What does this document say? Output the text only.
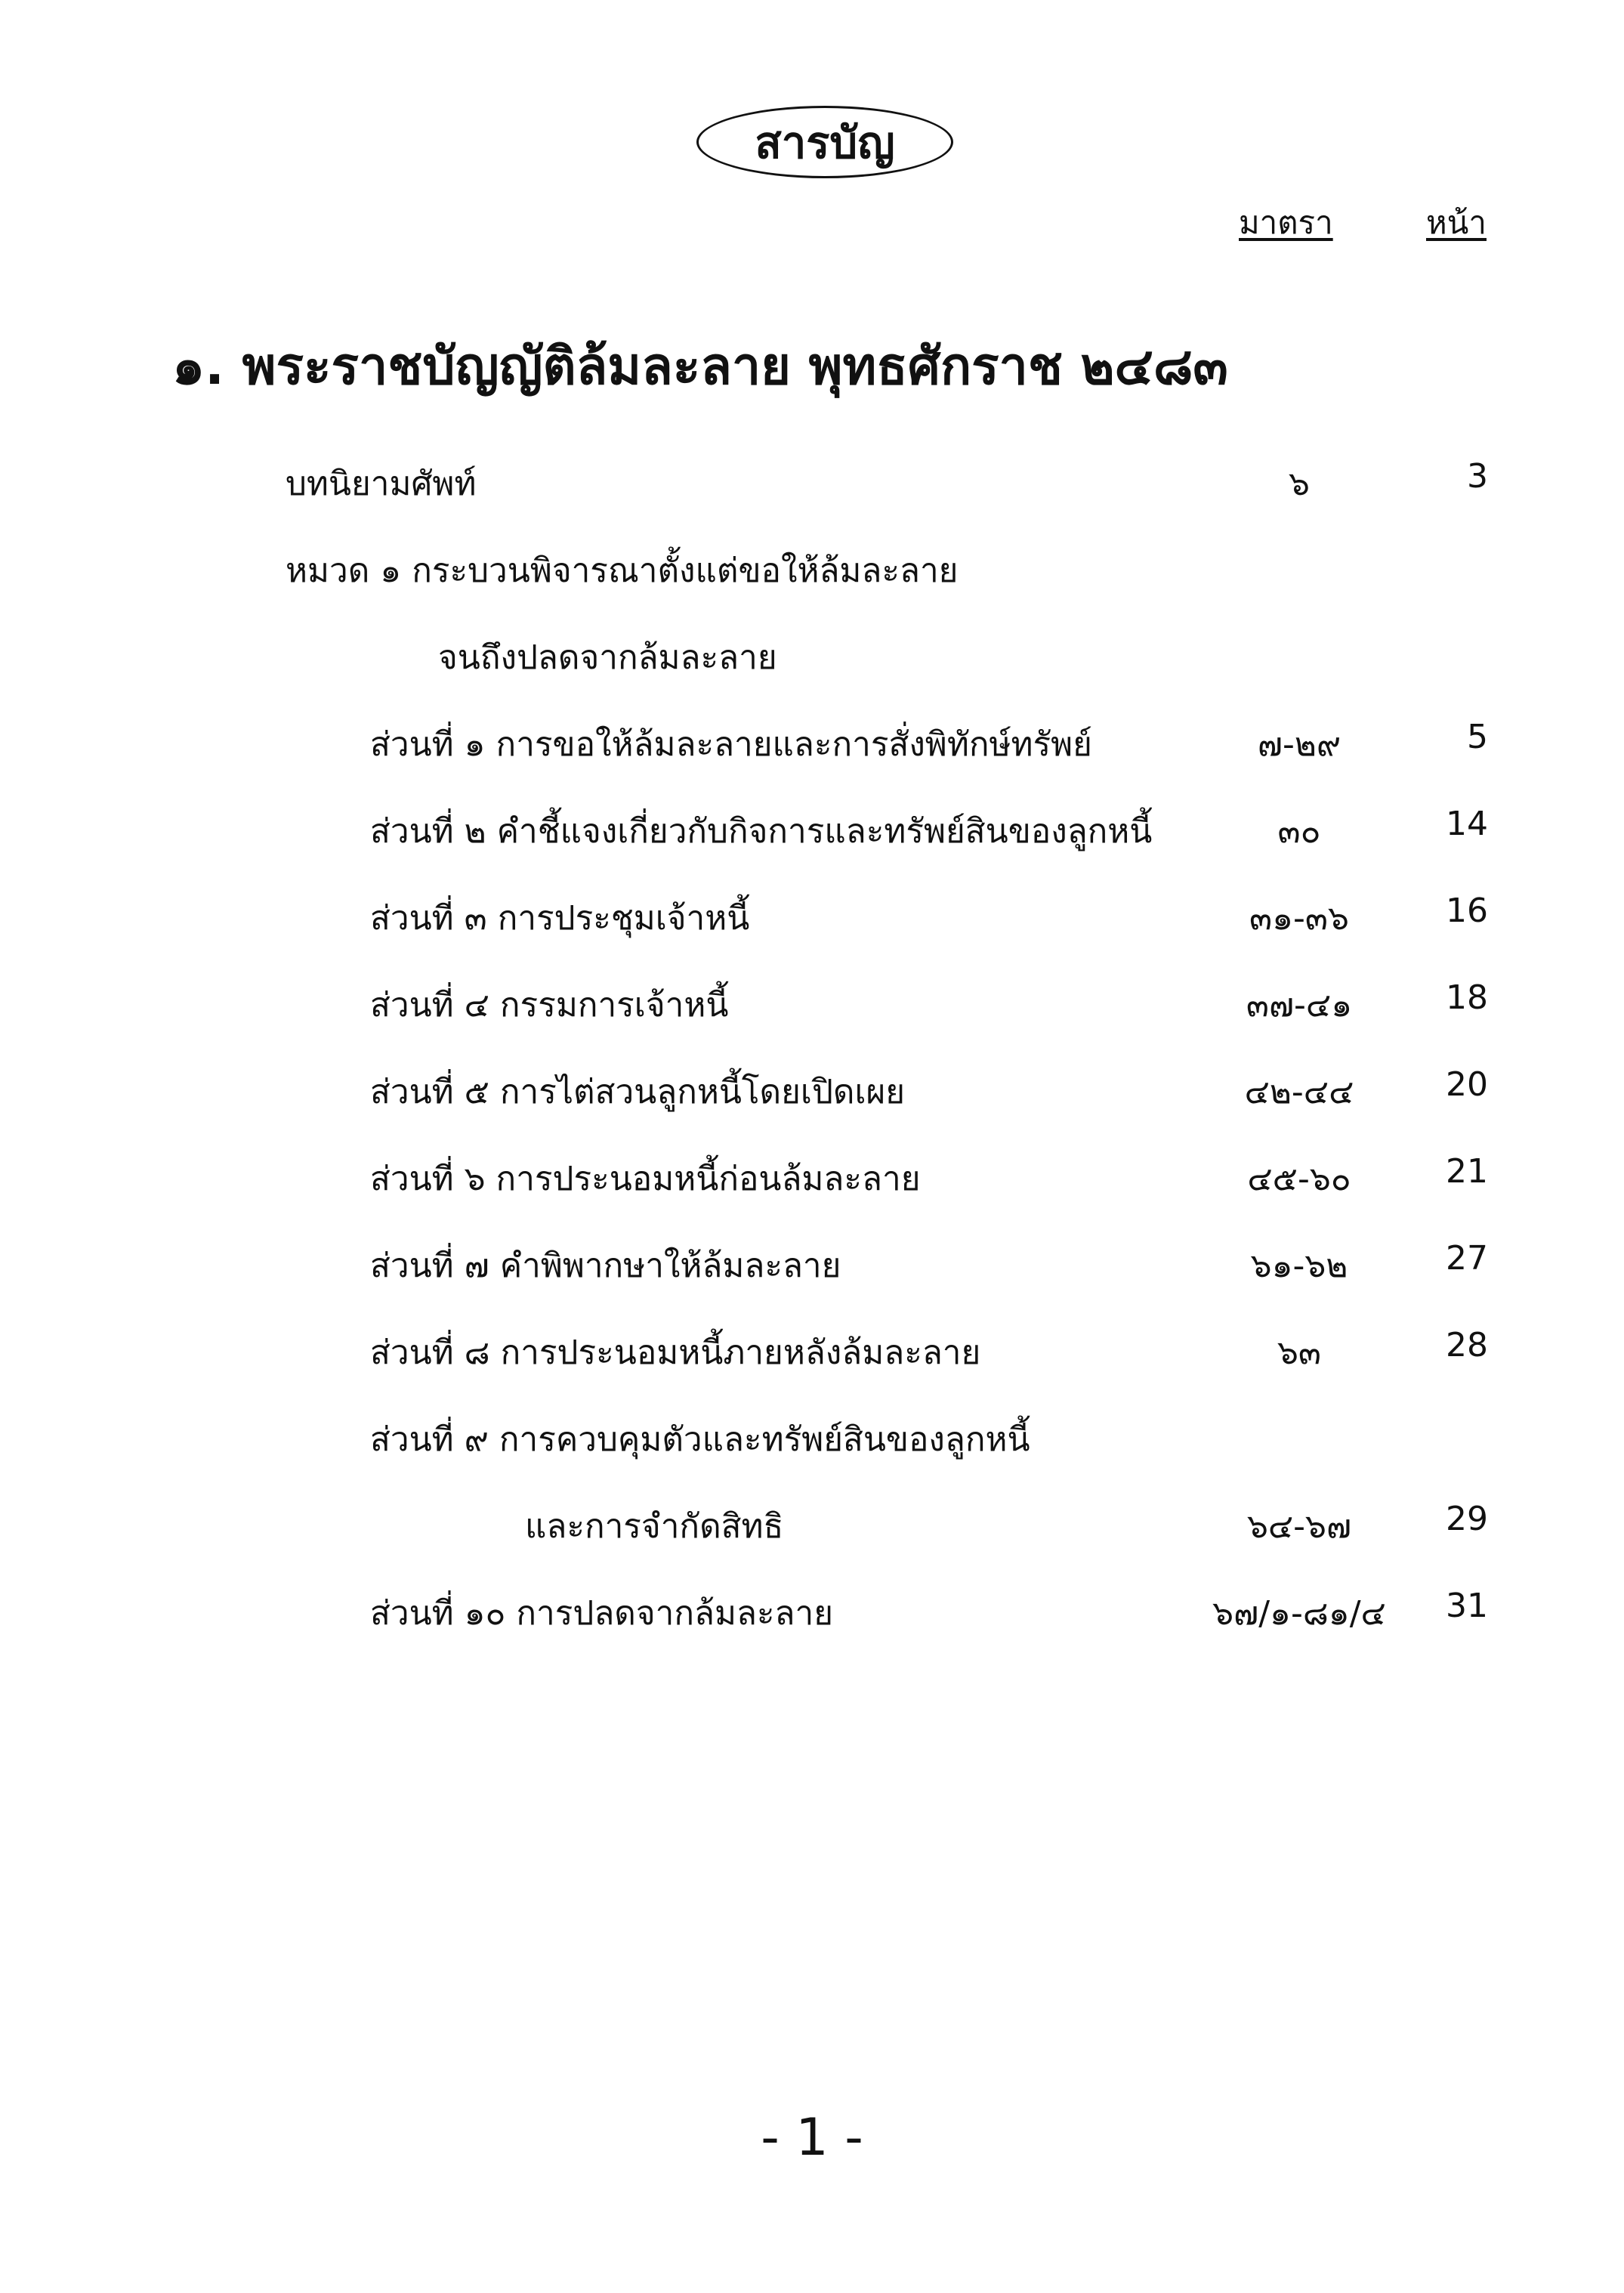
สารบัญ
มาตรา	หน้า
๑. พระราชบัญญัติล้มละลาย พุทธศักราช ๒๔๘๓
บทนิยามศัพท์	๖	3
หมวด ๑ กระบวนพิจารณาตั้งแต่ขอให้ล้มละลาย
จนถึงปลดจากล้มละลาย
ส่วนที่ ๑ การขอให้ล้มละลายและการสั่งพิทักษ์ทรัพย์	๗-๒๙	5
ส่วนที่ ๒ คำชี้แจงเกี่ยวกับกิจการและทรัพย์สินของลูกหนี้	๓๐	14
ส่วนที่ ๓ การประชุมเจ้าหนี้	๓๑-๓๖	16
ส่วนที่ ๔ กรรมการเจ้าหนี้	๓๗-๔๑	18
ส่วนที่ ๕ การไต่สวนลูกหนี้โดยเปิดเผย	๔๒-๔๔	20
ส่วนที่ ๖ การประนอมหนี้ก่อนล้มละลาย	๔๕-๖๐	21
ส่วนที่ ๗ คำพิพากษาให้ล้มละลาย	๖๑-๖๒	27
ส่วนที่ ๘ การประนอมหนี้ภายหลังล้มละลาย	๖๓	28
ส่วนที่ ๙ การควบคุมตัวและทรัพย์สินของลูกหนี้
และการจำกัดสิทธิ	๖๔-๖๗	29
ส่วนที่ ๑๐ การปลดจากล้มละลาย	๖๗/๑-๘๑/๔	31
- 1 -
